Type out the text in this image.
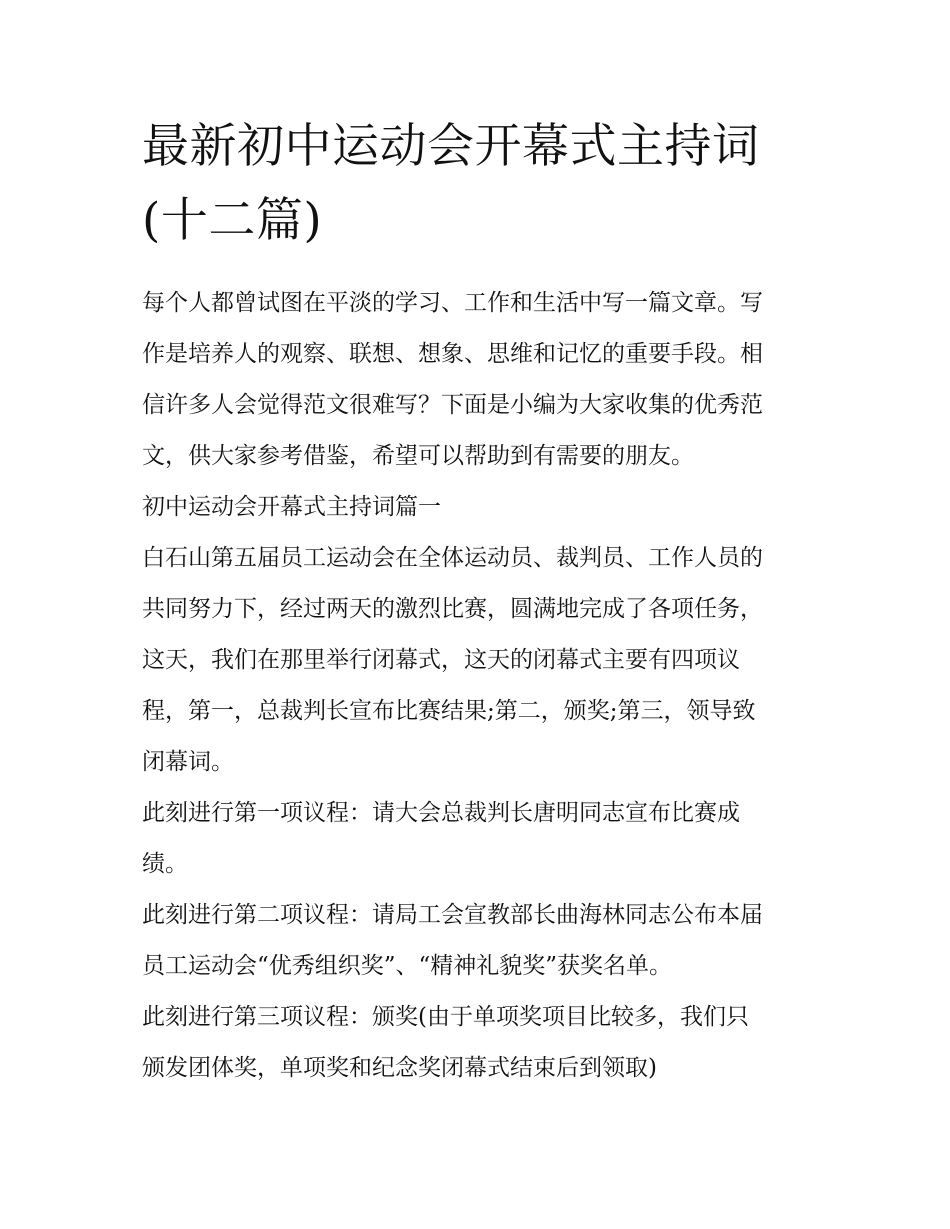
最新初中运动会开幕式主持词
(十二篇)

每个人都曾试图在平淡的学习、工作和生活中写一篇文章。写
作是培养人的观察、联想、想象、思维和记忆的重要手段。相
信许多人会觉得范文很难写？下面是小编为大家收集的优秀范
文，供大家参考借鉴，希望可以帮助到有需要的朋友。

初中运动会开幕式主持词篇一

白石山第五届员工运动会在全体运动员、裁判员、工作人员的
共同努力下，经过两天的激烈比赛，圆满地完成了各项任务，
这天，我们在那里举行闭幕式，这天的闭幕式主要有四项议
程，第一，总裁判长宣布比赛结果;第二，颁奖;第三，领导致
闭幕词。

此刻进行第一项议程：请大会总裁判长唐明同志宣布比赛成
绩。

此刻进行第二项议程：请局工会宣教部长曲海林同志公布本届
员工运动会“优秀组织奖”、“精神礼貌奖”获奖名单。

此刻进行第三项议程：颁奖(由于单项奖项目比较多，我们只
颁发团体奖，单项奖和纪念奖闭幕式结束后到领取)
